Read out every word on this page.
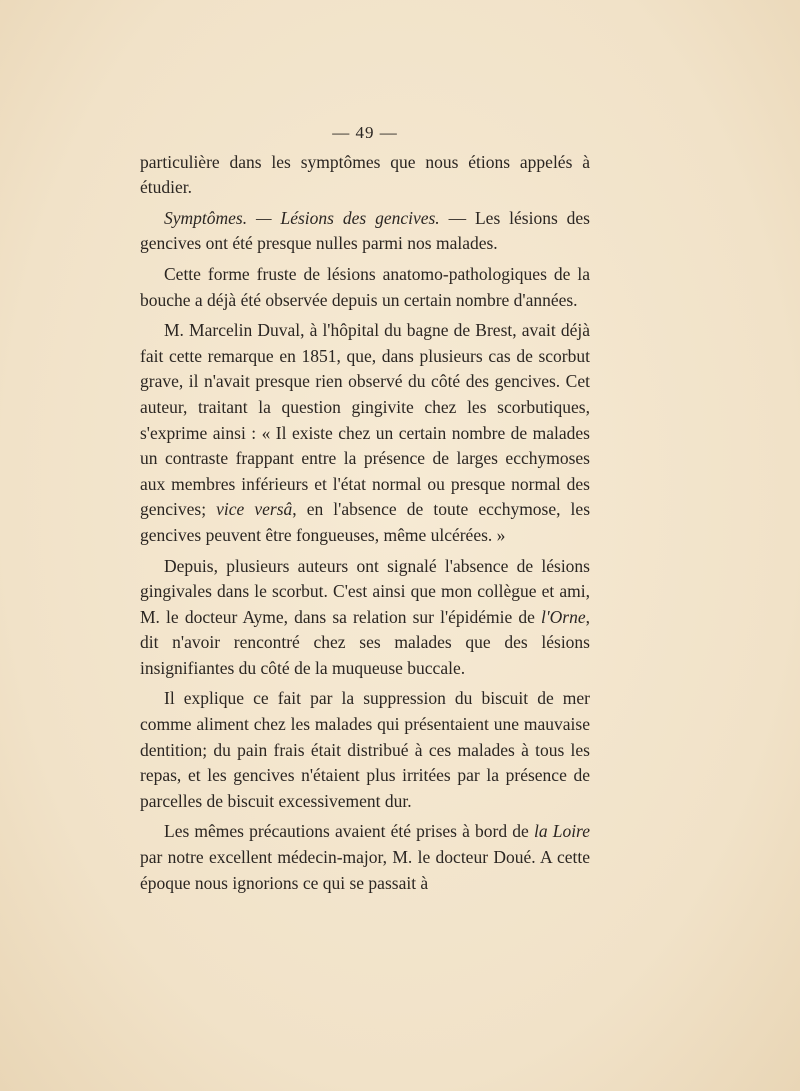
— 49 —

particulière dans les symptômes que nous étions appelés à étudier.

Symptômes. — Lésions des gencives. — Les lésions des gencives ont été presque nulles parmi nos malades.

Cette forme fruste de lésions anatomo-pathologiques de la bouche a déjà été observée depuis un certain nombre d'années.

M. Marcelin Duval, à l'hôpital du bagne de Brest, avait déjà fait cette remarque en 1851, que, dans plusieurs cas de scorbut grave, il n'avait presque rien observé du côté des gencives. Cet auteur, traitant la question gingivite chez les scorbutiques, s'exprime ainsi : « Il existe chez un certain nombre de malades un contraste frappant entre la présence de larges ecchymoses aux membres inférieurs et l'état normal ou presque normal des gencives; vice versâ, en l'absence de toute ecchymose, les gencives peuvent être fongueuses, même ulcérées. »

Depuis, plusieurs auteurs ont signalé l'absence de lésions gingivales dans le scorbut. C'est ainsi que mon collègue et ami, M. le docteur Ayme, dans sa relation sur l'épidémie de l'Orne, dit n'avoir rencontré chez ses malades que des lésions insignifiantes du côté de la muqueuse buccale.

Il explique ce fait par la suppression du biscuit de mer comme aliment chez les malades qui présentaient une mauvaise dentition; du pain frais était distribué à ces malades à tous les repas, et les gencives n'étaient plus irritées par la présence de parcelles de biscuit excessivement dur.

Les mêmes précautions avaient été prises à bord de la Loire par notre excellent médecin-major, M. le docteur Doué. A cette époque nous ignorions ce qui se passait à
